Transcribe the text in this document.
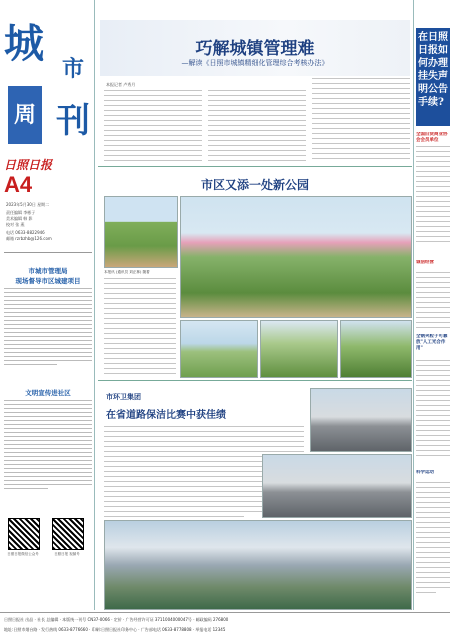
城
市
周 刊
日照日报
A4
2023年5月30日 星期二
责任编辑 李彬子
美术编辑 韩 影
校对 张 燕
电话 0633-8822946
邮箱 rzrbzhb@126.com
市城市管理局
现场督导市区城建项目
文明宣传进社区
日照日报微信公众号	日照日报 视频号
巧解城镇管理难
—解读《日照市城镇精细化管理综合考核办法》
本报记者 卢秀月
市区又添一处新公园
本报讯 (通讯员 刘正林) 随着
市环卫集团
在省道路保洁比赛中获佳绩
在日照日报如何办理挂失声明公告手续?
全国旧货商业协会会员单位
诚信经营
全钢夹粒子可靠放"人工光合作用"
科学运动
日照日报社 出品 · 社长 总编辑 · 本版统一刊号 CN37-0066 · 定价 · 广告经营许可证 3711004000047号 · 邮政编码 276800
地址:日照市烟台路 · 发行热线 0633-8776660 · 印刷:日照日报社印务中心 · 广告部电话 0633-8778808 · 举报电话 12345
